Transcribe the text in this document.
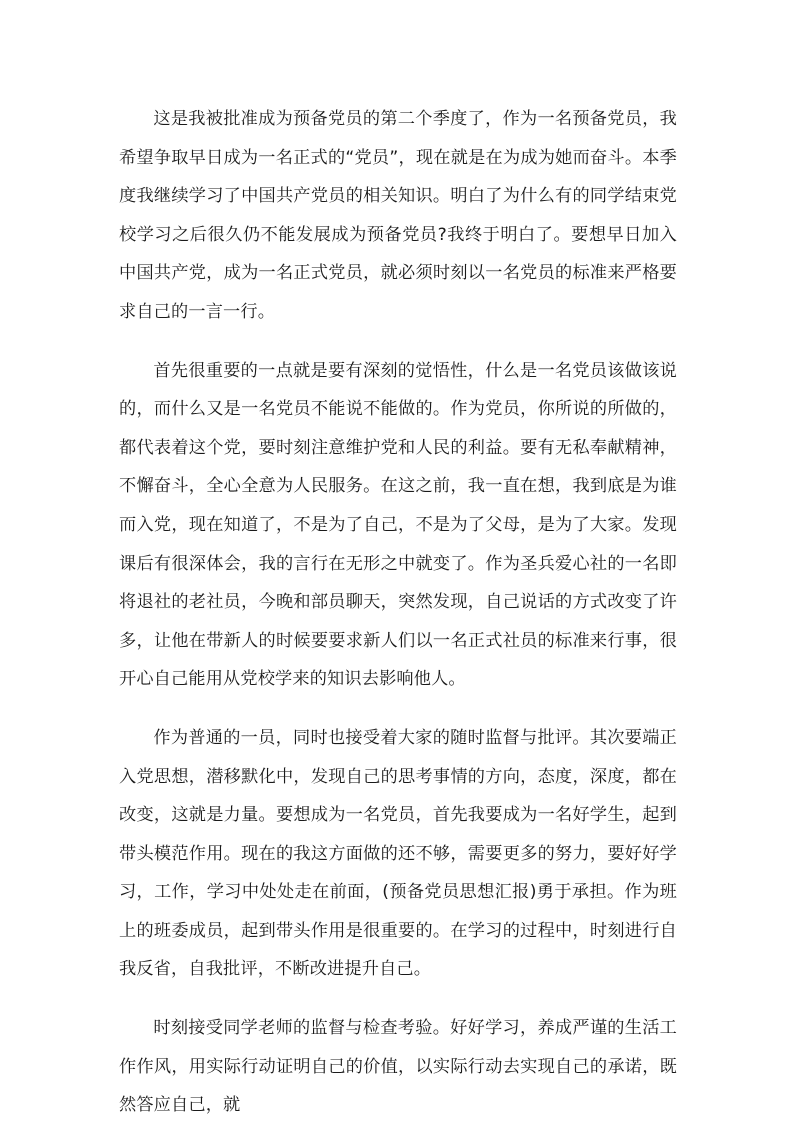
这是我被批准成为预备党员的第二个季度了，作为一名预备党员，我希望争取早日成为一名正式的“党员”，现在就是在为成为她而奋斗。本季度我继续学习了中国共产党员的相关知识。明白了为什么有的同学结束党校学习之后很久仍不能发展成为预备党员?我终于明白了。要想早日加入中国共产党，成为一名正式党员，就必须时刻以一名党员的标准来严格要求自己的一言一行。

首先很重要的一点就是要有深刻的觉悟性，什么是一名党员该做该说的，而什么又是一名党员不能说不能做的。作为党员，你所说的所做的，都代表着这个党，要时刻注意维护党和人民的利益。要有无私奉献精神，不懈奋斗，全心全意为人民服务。在这之前，我一直在想，我到底是为谁而入党，现在知道了，不是为了自己，不是为了父母，是为了大家。发现课后有很深体会，我的言行在无形之中就变了。作为圣兵爱心社的一名即将退社的老社员，今晚和部员聊天，突然发现，自己说话的方式改变了许多，让他在带新人的时候要要求新人们以一名正式社员的标准来行事，很开心自己能用从党校学来的知识去影响他人。

作为普通的一员，同时也接受着大家的随时监督与批评。其次要端正入党思想，潜移默化中，发现自己的思考事情的方向，态度，深度，都在改变，这就是力量。要想成为一名党员，首先我要成为一名好学生，起到带头模范作用。现在的我这方面做的还不够，需要更多的努力，要好好学习，工作，学习中处处走在前面，(预备党员思想汇报)勇于承担。作为班上的班委成员，起到带头作用是很重要的。在学习的过程中，时刻进行自我反省，自我批评，不断改进提升自己。

时刻接受同学老师的监督与检查考验。好好学习，养成严谨的生活工作作风，用实际行动证明自己的价值，以实际行动去实现自己的承诺，既然答应自己，就
